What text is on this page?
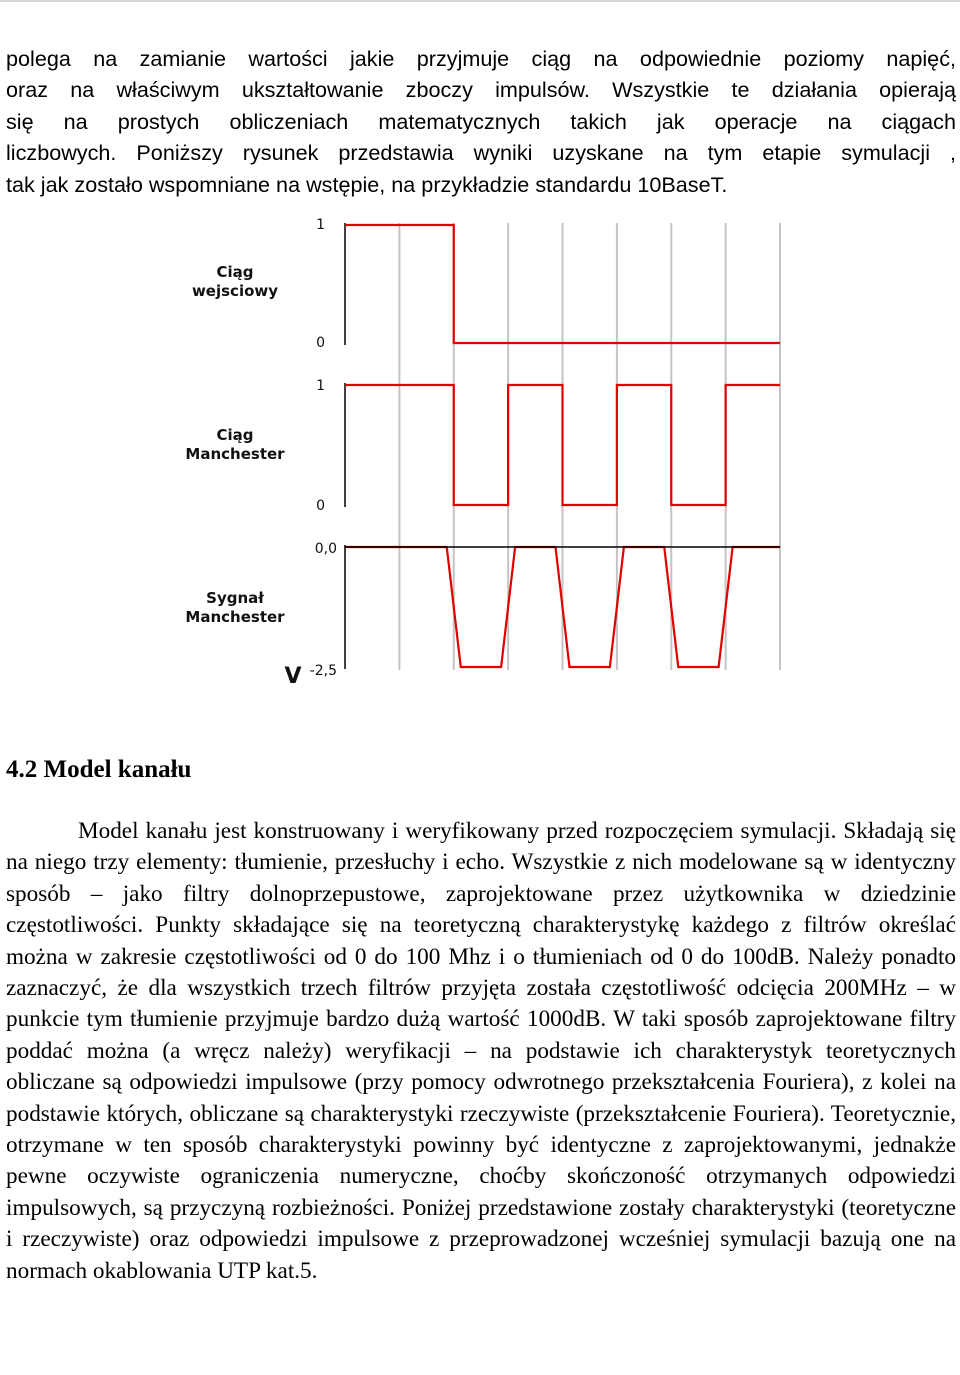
polega na zamianie wartości jakie przyjmuje ciąg na odpowiednie poziomy napięć,
oraz na właściwym ukształtowanie zboczy impulsów. Wszystkie te działania opierają
się na prostych obliczeniach matematycznych takich jak operacje na ciągach
liczbowych. Poniższy rysunek przedstawia wyniki uzyskane na tym etapie symulacji ,
tak jak zostało wspomniane na wstępie, na przykładzie standardu 10BaseT.
1
0
Ciąg
wejsciowy
1
0
Ciąg
Manchester
0,0
-2,5
Sygnał
Manchester
V
4.2 Model kanału

Model kanału jest konstruowany i weryfikowany przed rozpoczęciem symulacji. Składają się na niego trzy elementy: tłumienie, przesłuchy i echo. Wszystkie z nich modelowane są w identyczny sposób – jako filtry dolnoprzepustowe, zaprojektowane przez użytkownika w dziedzinie częstotliwości. Punkty składające się na teoretyczną charakterystykę każdego z filtrów określać można w zakresie częstotliwości od 0 do 100 Mhz i o tłumieniach od 0 do 100dB. Należy ponadto zaznaczyć, że dla wszystkich trzech filtrów przyjęta została częstotliwość odcięcia 200MHz – w punkcie tym tłumienie przyjmuje bardzo dużą wartość 1000dB. W taki sposób zaprojektowane filtry poddać można (a wręcz należy) weryfikacji – na podstawie ich charakterystyk teoretycznych obliczane są odpowiedzi impulsowe (przy pomocy odwrotnego przekształcenia Fouriera), z kolei na podstawie których, obliczane są charakterystyki rzeczywiste (przekształcenie Fouriera). Teoretycznie, otrzymane w ten sposób charakterystyki powinny być identyczne z zaprojektowanymi, jednakże pewne oczywiste ograniczenia numeryczne, choćby skończoność otrzymanych odpowiedzi impulsowych, są przyczyną rozbieżności. Poniżej przedstawione zostały charakterystyki (teoretyczne i rzeczywiste) oraz odpowiedzi impulsowe z przeprowadzonej wcześniej symulacji bazują one na normach okablowania UTP kat.5.
